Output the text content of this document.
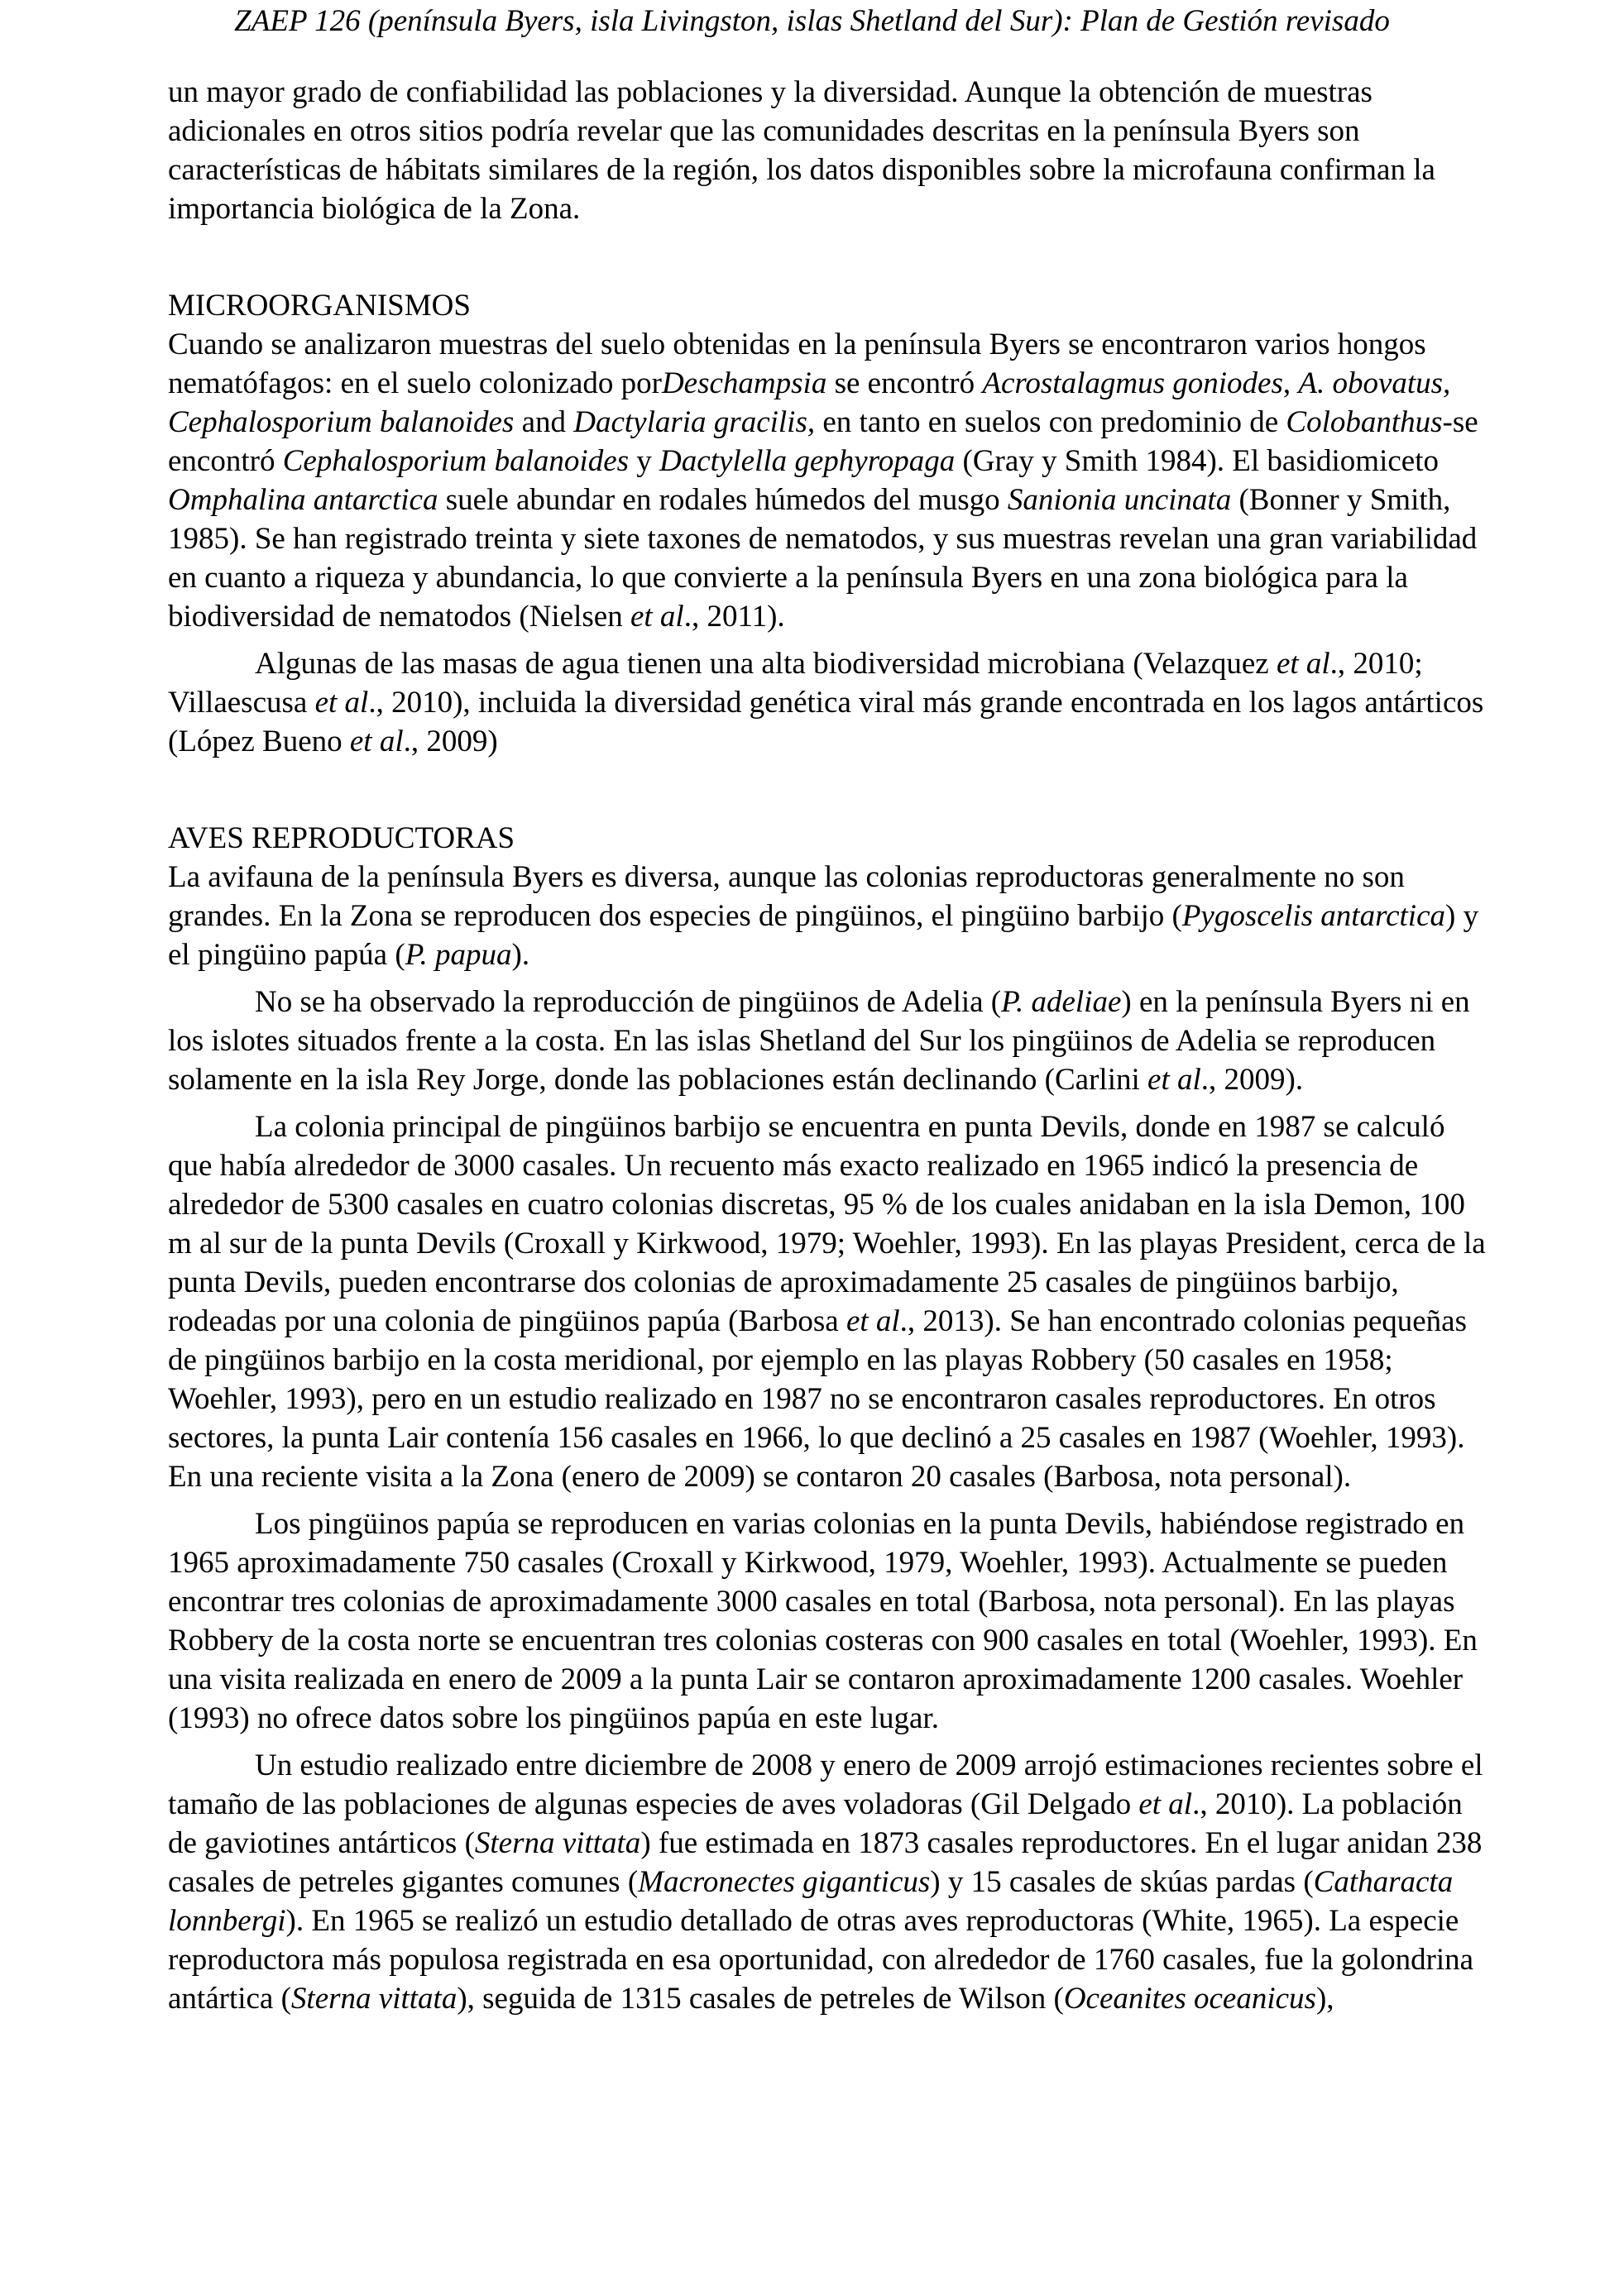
ZAEP 126 (península Byers, isla Livingston, islas Shetland del Sur): Plan de Gestión revisado

un mayor grado de confiabilidad las poblaciones y la diversidad. Aunque la obtención de muestras adicionales en otros sitios podría revelar que las comunidades descritas en la península Byers son características de hábitats similares de la región, los datos disponibles sobre la microfauna confirman la importancia biológica de la Zona.

MICROORGANISMOS

Cuando se analizaron muestras del suelo obtenidas en la península Byers se encontraron varios hongos nematófagos: en el suelo colonizado porDeschampsia se encontró Acrostalagmus goniodes, A. obovatus, Cephalosporium balanoides and Dactylaria gracilis, en tanto en suelos con predominio de Colobanthus-se encontró Cephalosporium balanoides y Dactylella gephyropaga (Gray y Smith 1984). El basidiomiceto Omphalina antarctica suele abundar en rodales húmedos del musgo Sanionia uncinata (Bonner y Smith, 1985). Se han registrado treinta y siete taxones de nematodos, y sus muestras revelan una gran variabilidad en cuanto a riqueza y abundancia, lo que convierte a la península Byers en una zona biológica para la biodiversidad de nematodos (Nielsen et al., 2011).

Algunas de las masas de agua tienen una alta biodiversidad microbiana (Velazquez et al., 2010; Villaescusa et al., 2010), incluida la diversidad genética viral más grande encontrada en los lagos antárticos (López Bueno et al., 2009)

AVES REPRODUCTORAS

La avifauna de la península Byers es diversa, aunque las colonias reproductoras generalmente no son grandes. En la Zona se reproducen dos especies de pingüinos, el pingüino barbijo (Pygoscelis antarctica) y el pingüino papúa (P. papua).

No se ha observado la reproducción de pingüinos de Adelia (P. adeliae) en la península Byers ni en los islotes situados frente a la costa. En las islas Shetland del Sur los pingüinos de Adelia se reproducen solamente en la isla Rey Jorge, donde las poblaciones están declinando (Carlini et al., 2009).

La colonia principal de pingüinos barbijo se encuentra en punta Devils, donde en 1987 se calculó que había alrededor de 3000 casales. Un recuento más exacto realizado en 1965 indicó la presencia de alrededor de 5300 casales en cuatro colonias discretas, 95 % de los cuales anidaban en la isla Demon, 100 m al sur de la punta Devils (Croxall y Kirkwood, 1979; Woehler, 1993). En las playas President, cerca de la punta Devils, pueden encontrarse dos colonias de aproximadamente 25 casales de pingüinos barbijo, rodeadas por una colonia de pingüinos papúa (Barbosa et al., 2013). Se han encontrado colonias pequeñas de pingüinos barbijo en la costa meridional, por ejemplo en las playas Robbery (50 casales en 1958; Woehler, 1993), pero en un estudio realizado en 1987 no se encontraron casales reproductores. En otros sectores, la punta Lair contenía 156 casales en 1966, lo que declinó a 25 casales en 1987 (Woehler, 1993). En una reciente visita a la Zona (enero de 2009) se contaron 20 casales (Barbosa, nota personal).

Los pingüinos papúa se reproducen en varias colonias en la punta Devils, habiéndose registrado en 1965 aproximadamente 750 casales (Croxall y Kirkwood, 1979, Woehler, 1993). Actualmente se pueden encontrar tres colonias de aproximadamente 3000 casales en total (Barbosa, nota personal). En las playas Robbery de la costa norte se encuentran tres colonias costeras con 900 casales en total (Woehler, 1993). En una visita realizada en enero de 2009 a la punta Lair se contaron aproximadamente 1200 casales. Woehler (1993) no ofrece datos sobre los pingüinos papúa en este lugar.

Un estudio realizado entre diciembre de 2008 y enero de 2009 arrojó estimaciones recientes sobre el tamaño de las poblaciones de algunas especies de aves voladoras (Gil Delgado et al., 2010). La población de gaviotines antárticos (Sterna vittata) fue estimada en 1873 casales reproductores. En el lugar anidan 238 casales de petreles gigantes comunes (Macronectes giganticus) y 15 casales de skúas pardas (Catharacta lonnbergi). En 1965 se realizó un estudio detallado de otras aves reproductoras (White, 1965). La especie reproductora más populosa registrada en esa oportunidad, con alrededor de 1760 casales, fue la golondrina antártica (Sterna vittata), seguida de 1315 casales de petreles de Wilson (Oceanites oceanicus),
